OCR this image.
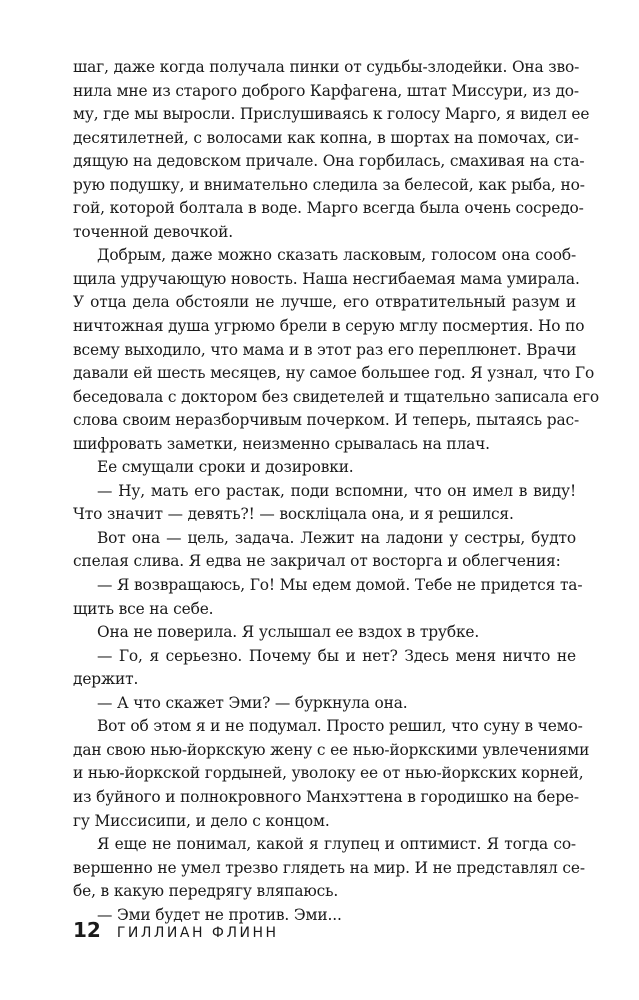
шаг, даже когда получала пинки от судьбы-злодейки. Она зво-
нила мне из старого доброго Карфагена, штат Миссури, из до-
му, где мы выросли. Прислушиваясь к голосу Марго, я видел ее
десятилетней, с волосами как копна, в шортах на помочах, си-
дящую на дедовском причале. Она горбилась, смахивая на ста-
рую подушку, и внимательно следила за белесой, как рыба, но-
гой, которой болтала в воде. Марго всегда была очень сосредо-
точенной девочкой.
Добрым, даже можно сказать ласковым, голосом она сооб-
щила удручающую новость. Наша несгибаемая мама умирала.
У отца дела обстояли не лучше, его отвратительный разум и
ничтожная душа угрюмо брели в серую мглу посмертия. Но по
всему выходило, что мама и в этот раз его переплюнет. Врачи
давали ей шесть месяцев, ну самое большее год. Я узнал, что Го
беседовала с доктором без свидетелей и тщательно записала его
слова своим неразборчивым почерком. И теперь, пытаясь рас-
шифровать заметки, неизменно срывалась на плач.
Ее смущали сроки и дозировки.
— Ну, мать его растак, поди вспомни, что он имел в виду!
Что значит — девять?! — воскліцала она, и я решился.
Вот она — цель, задача. Лежит на ладони у сестры, будто
спелая слива. Я едва не закричал от восторга и облегчения:
— Я возвращаюсь, Го! Мы едем домой. Тебе не придется та-
щить все на себе.
Она не поверила. Я услышал ее вздох в трубке.
— Го, я серьезно. Почему бы и нет? Здесь меня ничто не
держит.
— А что скажет Эми? — буркнула она.
Вот об этом я и не подумал. Просто решил, что суну в чемо-
дан свою нью-йоркскую жену с ее нью-йоркскими увлечениями
и нью-йоркской гордыней, уволоку ее от нью-йоркских корней,
из буйного и полнокровного Манхэттена в городишко на бере-
гу Миссисипи, и дело с концом.
Я еще не понимал, какой я глупец и оптимист. Я тогда со-
вершенно не умел трезво глядеть на мир. И не представлял се-
бе, в какую передрягу вляпаюсь.
— Эми будет не против. Эми...
12 ГИЛЛИАН ФЛИНН
